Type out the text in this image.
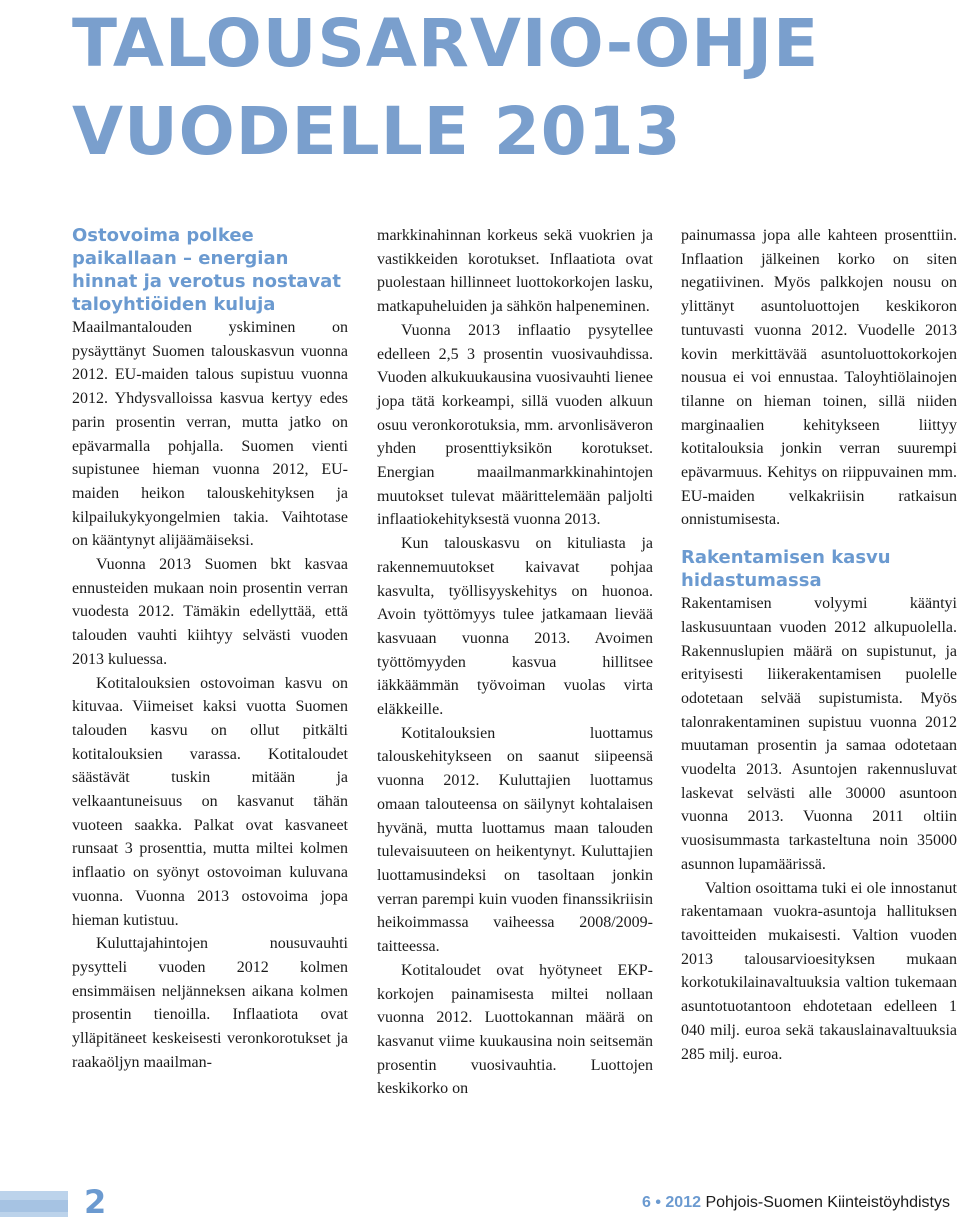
TALOUSARVIO-OHJE
VUODELLE 2013
Ostovoima polkee paikallaan – energian hinnat ja verotus nostavat taloyhtiöiden kuluja

Maailmantalouden yskiminen on pysäyttänyt Suomen talouskasvun vuonna 2012. EU-maiden talous supistuu vuonna 2012. Yhdysvalloissa kasvua kertyy edes parin prosentin verran, mutta jatko on epävarmalla pohjalla. Suomen vienti supistunee hieman vuonna 2012, EU-maiden heikon talouskehityksen ja kilpailukykyongelmien takia. Vaihtotase on kääntynyt alijäämäiseksi.

Vuonna 2013 Suomen bkt kasvaa ennusteiden mukaan noin prosentin verran vuodesta 2012. Tämäkin edellyttää, että talouden vauhti kiihtyy selvästi vuoden 2013 kuluessa.

Kotitalouksien ostovoiman kasvu on kituvaa. Viimeiset kaksi vuotta Suomen talouden kasvu on ollut pitkälti kotitalouksien varassa. Kotitaloudet säästävät tuskin mitään ja velkaantuneisuus on kasvanut tähän vuoteen saakka. Palkat ovat kasvaneet runsaat 3 prosenttia, mutta miltei kolmen inflaatio on syönyt ostovoiman kuluvana vuonna. Vuonna 2013 ostovoima jopa hieman kutistuu.

Kuluttajahintojen nousuvauhti pysytteli vuoden 2012 kolmen ensimmäisen neljänneksen aikana kolmen prosentin tienoilla. Inflaatiota ovat ylläpitäneet keskeisesti veronkorotukset ja raakaöljyn maailman-

markkinahinnan korkeus sekä vuokrien ja vastikkeiden korotukset. Inflaatiota ovat puolestaan hillinneet luottokorkojen lasku, matkapuheluiden ja sähkön halpeneminen.

Vuonna 2013 inflaatio pysytellee edelleen 2,5 3 prosentin vuosivauhdissa. Vuoden alkukuukausina vuosivauhti lienee jopa tätä korkeampi, sillä vuoden alkuun osuu veronkorotuksia, mm. arvonlisäveron yhden prosenttiyksikön korotukset. Energian maailmanmarkkinahintojen muutokset tulevat määrittelemään paljolti inflaatiokehityksestä vuonna 2013.

Kun talouskasvu on kituliasta ja rakennemuutokset kaivavat pohjaa kasvulta, työllisyyskehitys on huonoa. Avoin työttömyys tulee jatkamaan lievää kasvuaan vuonna 2013. Avoimen työttömyyden kasvua hillitsee iäkkäämmän työvoiman vuolas virta eläkkeille.

Kotitalouksien luottamus talouskehitykseen on saanut siipeensä vuonna 2012. Kuluttajien luottamus omaan talouteensa on säilynyt kohtalaisen hyvänä, mutta luottamus maan talouden tulevaisuuteen on heikentynyt. Kuluttajien luottamusindeksi on tasoltaan jonkin verran parempi kuin vuoden finanssikriisin heikoimmassa vaiheessa 2008/2009-taitteessa.

Kotitaloudet ovat hyötyneet EKP-korkojen painamisesta miltei nollaan vuonna 2012. Luottokannan määrä on kasvanut viime kuukausina noin seitsemän prosentin vuosivauhtia. Luottojen keskikorko on

painumassa jopa alle kahteen prosenttiin. Inflaation jälkeinen korko on siten negatiivinen. Myös palkkojen nousu on ylittänyt asuntoluottojen keskikoron tuntuvasti vuonna 2012. Vuodelle 2013 kovin merkittävää asuntoluottokorkojen nousua ei voi ennustaa. Taloyhtiölainojen tilanne on hieman toinen, sillä niiden marginaalien kehitykseen liittyy kotitalouksia jonkin verran suurempi epävarmuus. Kehitys on riippuvainen mm. EU-maiden velkakriisin ratkaisun onnistumisesta.

Rakentamisen kasvu hidastumassa

Rakentamisen volyymi kääntyi laskusuuntaan vuoden 2012 alkupuolella. Rakennuslupien määrä on supistunut, ja erityisesti liikerakentamisen puolelle odotetaan selvää supistumista. Myös talonrakentaminen supistuu vuonna 2012 muutaman prosentin ja samaa odotetaan vuodelta 2013. Asuntojen rakennusluvat laskevat selvästi alle 30000 asuntoon vuonna 2013. Vuonna 2011 oltiin vuosisummasta tarkasteltuna noin 35000 asunnon lupamäärissä.

Valtion osoittama tuki ei ole innostanut rakentamaan vuokra-asuntoja hallituksen tavoitteiden mukaisesti. Valtion vuoden 2013 talousarvioesityksen mukaan korkotukilainavaltuuksia valtion tukemaan asuntotuotantoon ehdotetaan edelleen 1 040 milj. euroa sekä takauslainavaltuuksia 285 milj. euroa.

2	6 • 2012 Pohjois-Suomen Kiinteistöyhdistys
